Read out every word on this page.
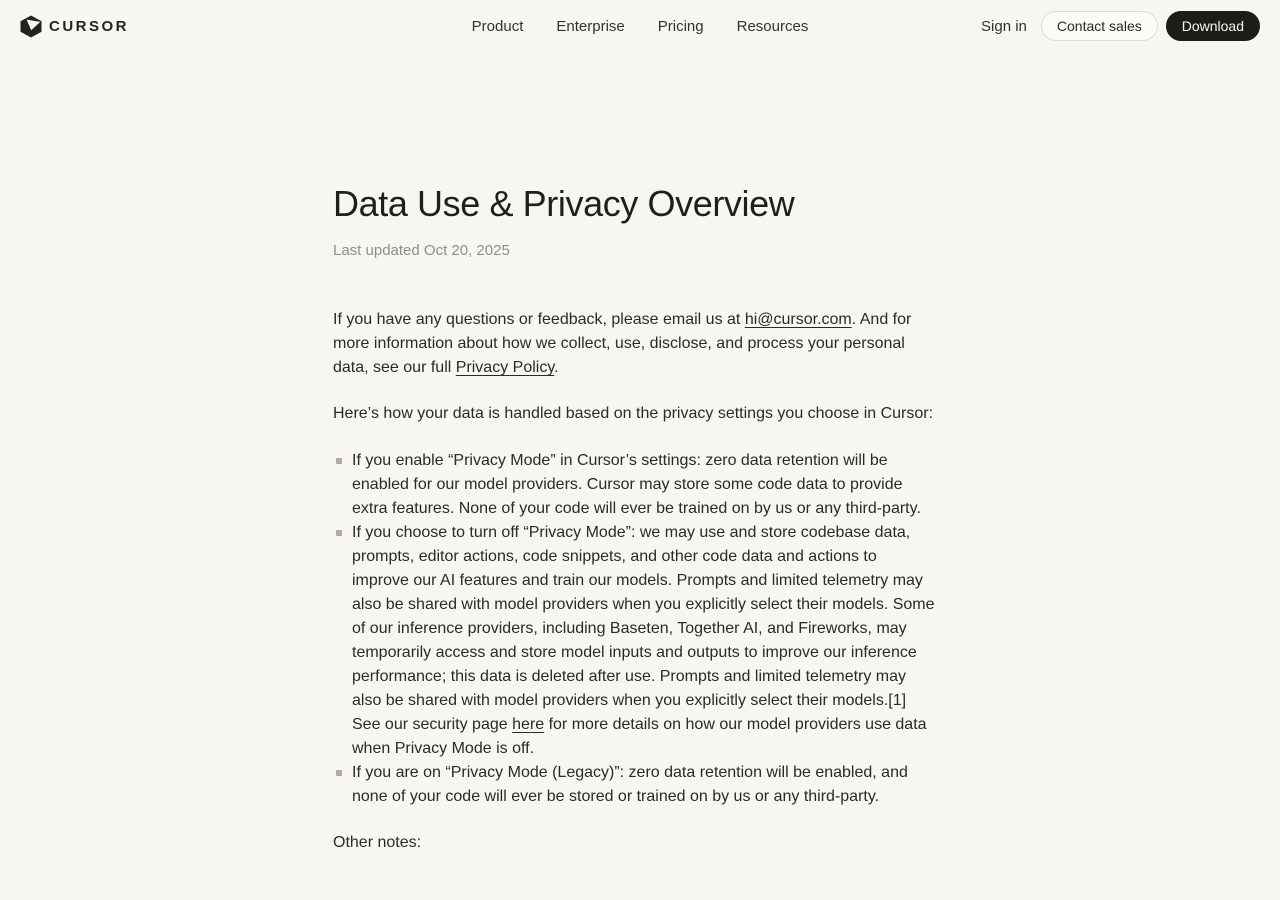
CURSOR	Product Enterprise Pricing Resources	Sign in	Contact sales	Download
Data Use & Privacy Overview

Last updated Oct 20, 2025

If you have any questions or feedback, please email us at hi@cursor.com. And for more information about how we collect, use, disclose, and process your personal data, see our full Privacy Policy.

Here’s how your data is handled based on the privacy settings you choose in Cursor:

If you enable “Privacy Mode” in Cursor’s settings: zero data retention will be enabled for our model providers. Cursor may store some code data to provide extra features. None of your code will ever be trained on by us or any third-party.
If you choose to turn off “Privacy Mode”: we may use and store codebase data, prompts, editor actions, code snippets, and other code data and actions to improve our AI features and train our models. Prompts and limited telemetry may also be shared with model providers when you explicitly select their models. Some of our inference providers, including Baseten, Together AI, and Fireworks, may temporarily access and store model inputs and outputs to improve our inference performance; this data is deleted after use. Prompts and limited telemetry may also be shared with model providers when you explicitly select their models.[1] See our security page here for more details on how our model providers use data when Privacy Mode is off.
If you are on “Privacy Mode (Legacy)”: zero data retention will be enabled, and none of your code will ever be stored or trained on by us or any third-party.

Other notes:
